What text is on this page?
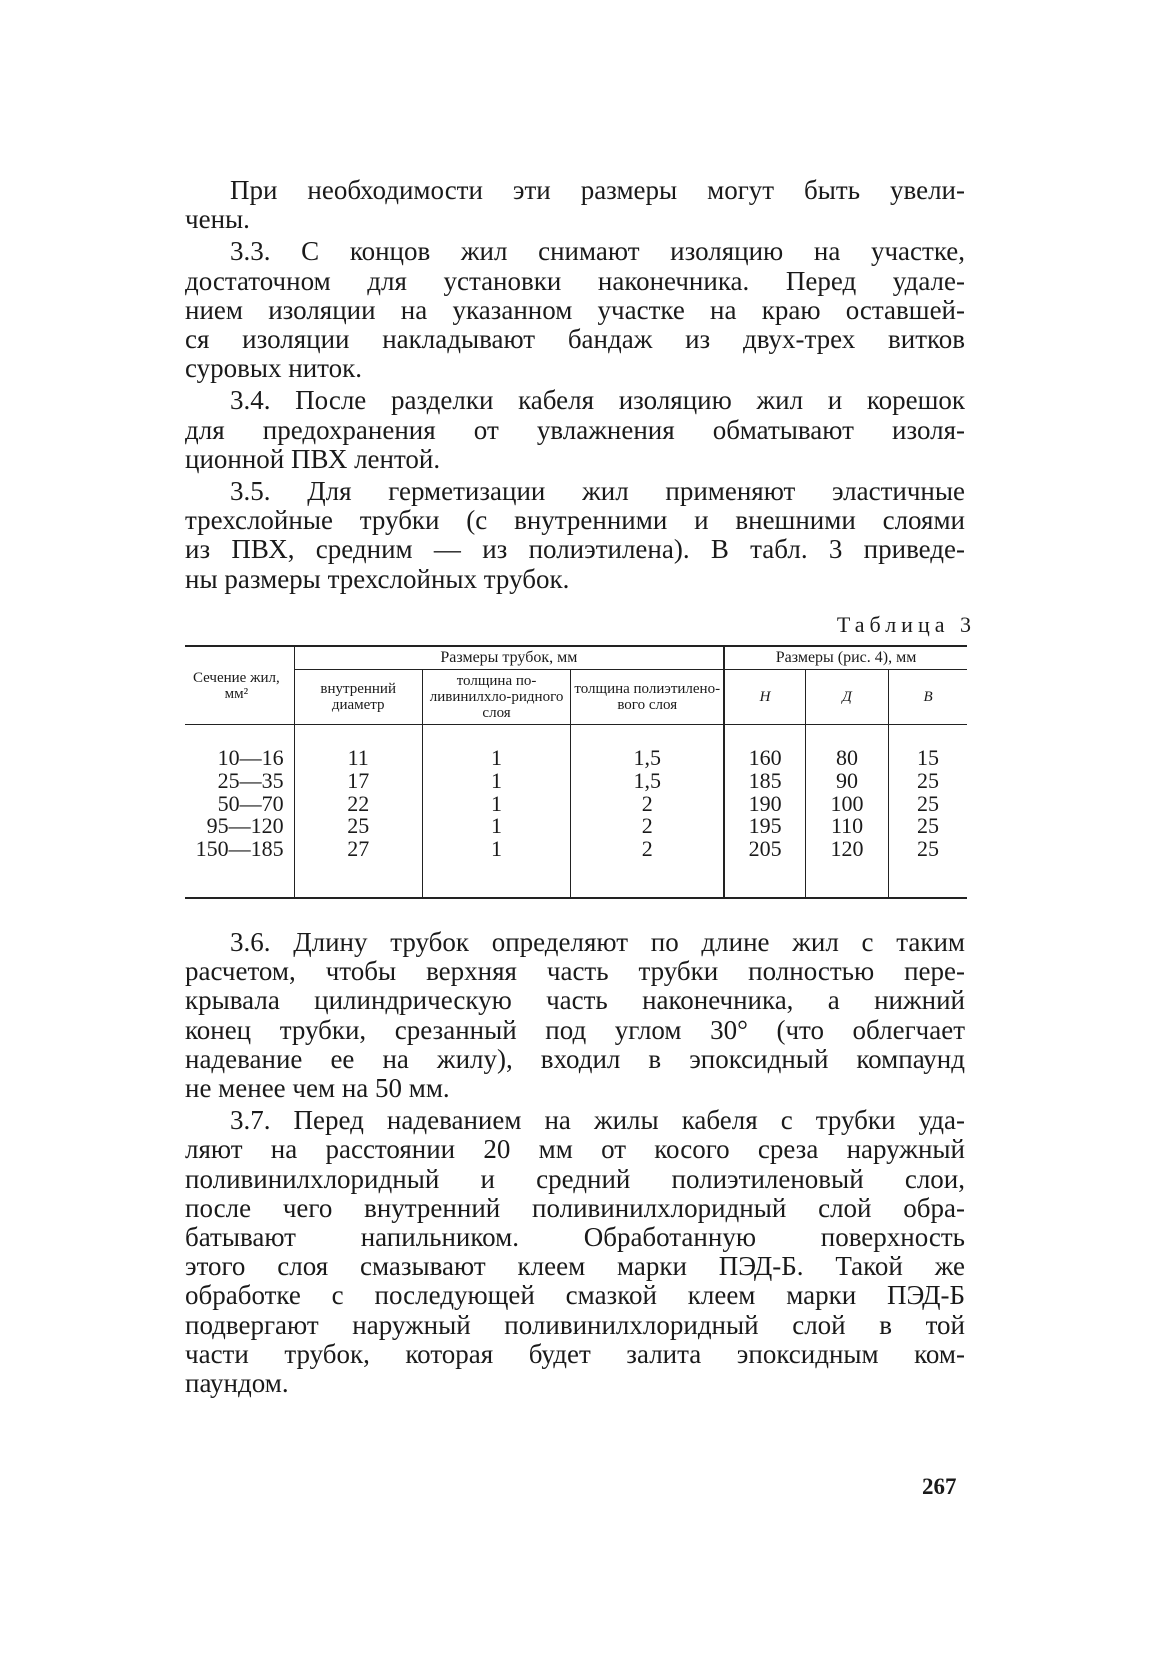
При необходимости эти размеры могут быть увели-
чены.

3.3. С концов жил снимают изоляцию на участке,
достаточном для установки наконечника. Перед удале-
нием изоляции на указанном участке на краю оставшей-
ся изоляции накладывают бандаж из двух-трех витков
суровых ниток.

3.4. После разделки кабеля изоляцию жил и корешок
для предохранения от увлажнения обматывают изоля-
ционной ПВХ лентой.

3.5. Для герметизации жил применяют эластичные
трехслойные трубки (с внутренними и внешними слоями
из ПВХ, средним — из полиэтилена). В табл. 3 приведе-
ны размеры трехслойных трубок.

Таблица 3
Сечение жил, мм²	Размеры трубок, мм			Размеры (рис. 4), мм		
	внутренний диаметр	толщина по-ливинилхло-ридного слоя	толщина полиэтилено-вого слоя	Н	Д	В
10—16	11	1	1,5	160	80	15
25—35	17	1	1,5	185	90	25
50—70	22	1	2	190	100	25
95—120	25	1	2	195	110	25
150—185	27	1	2	205	120	25

3.6. Длину трубок определяют по длине жил с таким
расчетом, чтобы верхняя часть трубки полностью пере-
крывала цилиндрическую часть наконечника, а нижний
конец трубки, срезанный под углом 30° (что облегчает
надевание ее на жилу), входил в эпоксидный компаунд
не менее чем на 50 мм.

3.7. Перед надеванием на жилы кабеля с трубки уда-
ляют на расстоянии 20 мм от косого среза наружный
поливинилхлоридный и средний полиэтиленовый слои,
после чего внутренний поливинилхлоридный слой обра-
батывают напильником. Обработанную поверхность
этого слоя смазывают клеем марки ПЭД-Б. Такой же
обработке с последующей смазкой клеем марки ПЭД-Б
подвергают наружный поливинилхлоридный слой в той
части трубок, которая будет залита эпоксидным ком-
паундом.

267
